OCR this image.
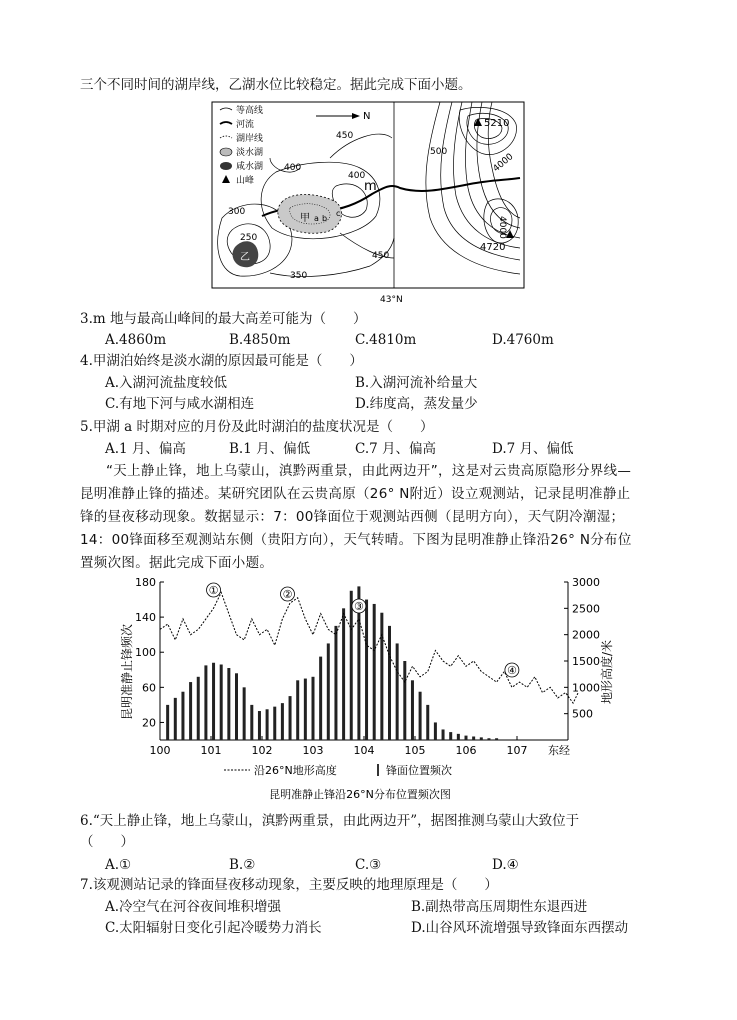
三个不同时间的湖岸线，乙湖水位比较稳定。据此完成下面小题。
等高线
河流
湖岸线
淡水湖
咸水湖
山峰
N
甲 a b
c
乙
m
450
400
400
300
250
350
450
5210
4720
500	4000
4000
43°N
3.m 地与最高山峰间的最大高差可能为（　　）
A.4860m	B.4850m	C.4810m	D.4760m
4.甲湖泊始终是淡水湖的原因最可能是（　　）
A.入湖河流盐度较低	B.入湖河流补给量大
C.有地下河与咸水湖相连	D.纬度高，蒸发量少
5.甲湖 a 时期对应的月份及此时湖泊的盐度状况是（　　）
A.1 月、偏高	B.1 月、偏低	C.7 月、偏高	D.7 月、偏低
“天上静止锋，地上乌蒙山，滇黔两重景，由此两边开”，这是对云贵高原隐形分界线—
昆明准静止锋的描述。某研究团队在云贵高原（26° N附近）设立观测站，记录昆明准静止
锋的昼夜移动现象。数据显示：7：00锋面位于观测站西侧（昆明方向），天气阴冷潮湿；
14：00锋面移至观测站东侧（贵阳方向），天气转晴。下图为昆明准静止锋沿26° N分布位
置频次图。据此完成下面小题。
20
60
100
140
180
500
1000
1500
2000
2500
3000
100	101	102	103	104	105	106	107
①	②
③
④
昆明准静止锋频次	地形高度/米
东经
沿26°N地形高度	锋面位置频次
昆明准静止锋沿26°N分布位置频次图
6.“天上静止锋，地上乌蒙山，滇黔两重景，由此两边开”，据图推测乌蒙山大致位于
（　　）
A.①	B.②	C.③	D.④
7.该观测站记录的锋面昼夜移动现象，主要反映的地理原理是（　　）
A.冷空气在河谷夜间堆积增强	B.副热带高压周期性东退西进
C.太阳辐射日变化引起冷暖势力消长	D.山谷风环流增强导致锋面东西摆动
